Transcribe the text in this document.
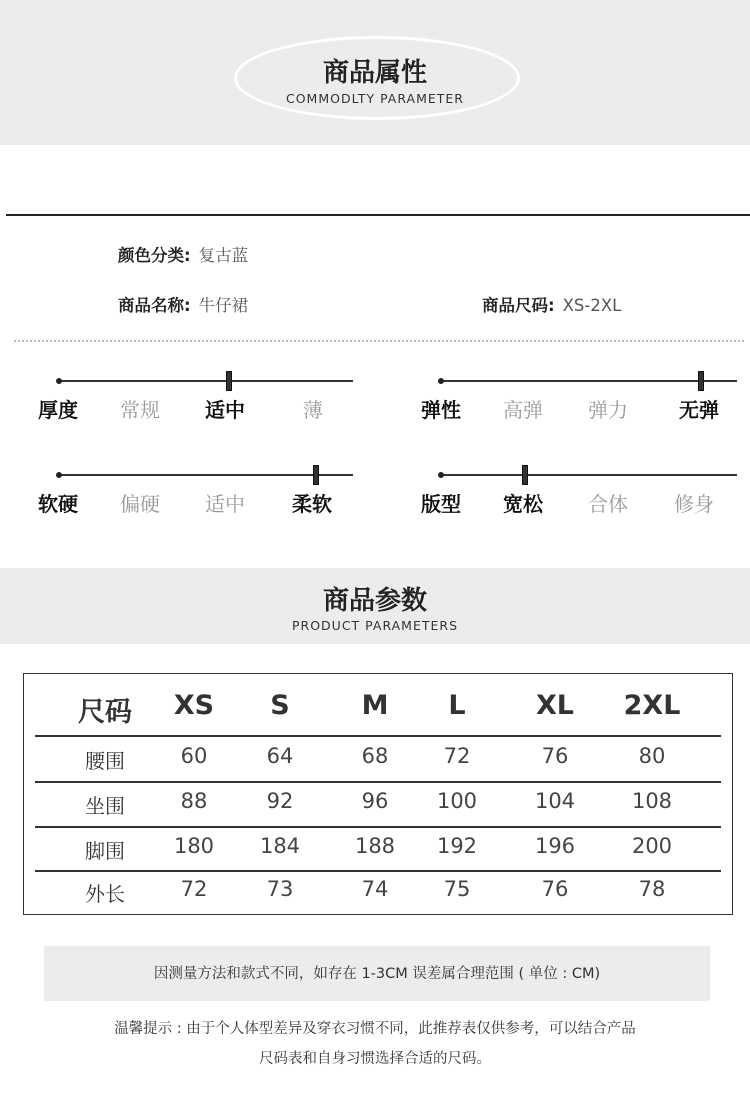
商品属性
COMMODLTY PARAMETER
颜色分类: 复古蓝
商品名称: 牛仔裙	商品尺码: XS-2XL
厚度 常规 适中	薄	弹性 高弹 弹力	无弹
软硬 偏硬 适中 柔软	版型 宽松 合体 修身
商品参数
PRODUCT PARAMETERS
尺码	XS	S	M	L	XL	2XL
腰围	60	64	68	72	76	80
坐围	88	92	96	100	104	108
脚围	180	184	188	192	196	200
外长	72	73	74	75	76	78
因测量方法和款式不同，如存在 1-3CM 误差属合理范围 ( 单位 : CM)
温馨提示 : 由于个人体型差异及穿衣习惯不同，此推荐表仅供参考，可以结合产品
尺码表和自身习惯选择合适的尺码。
